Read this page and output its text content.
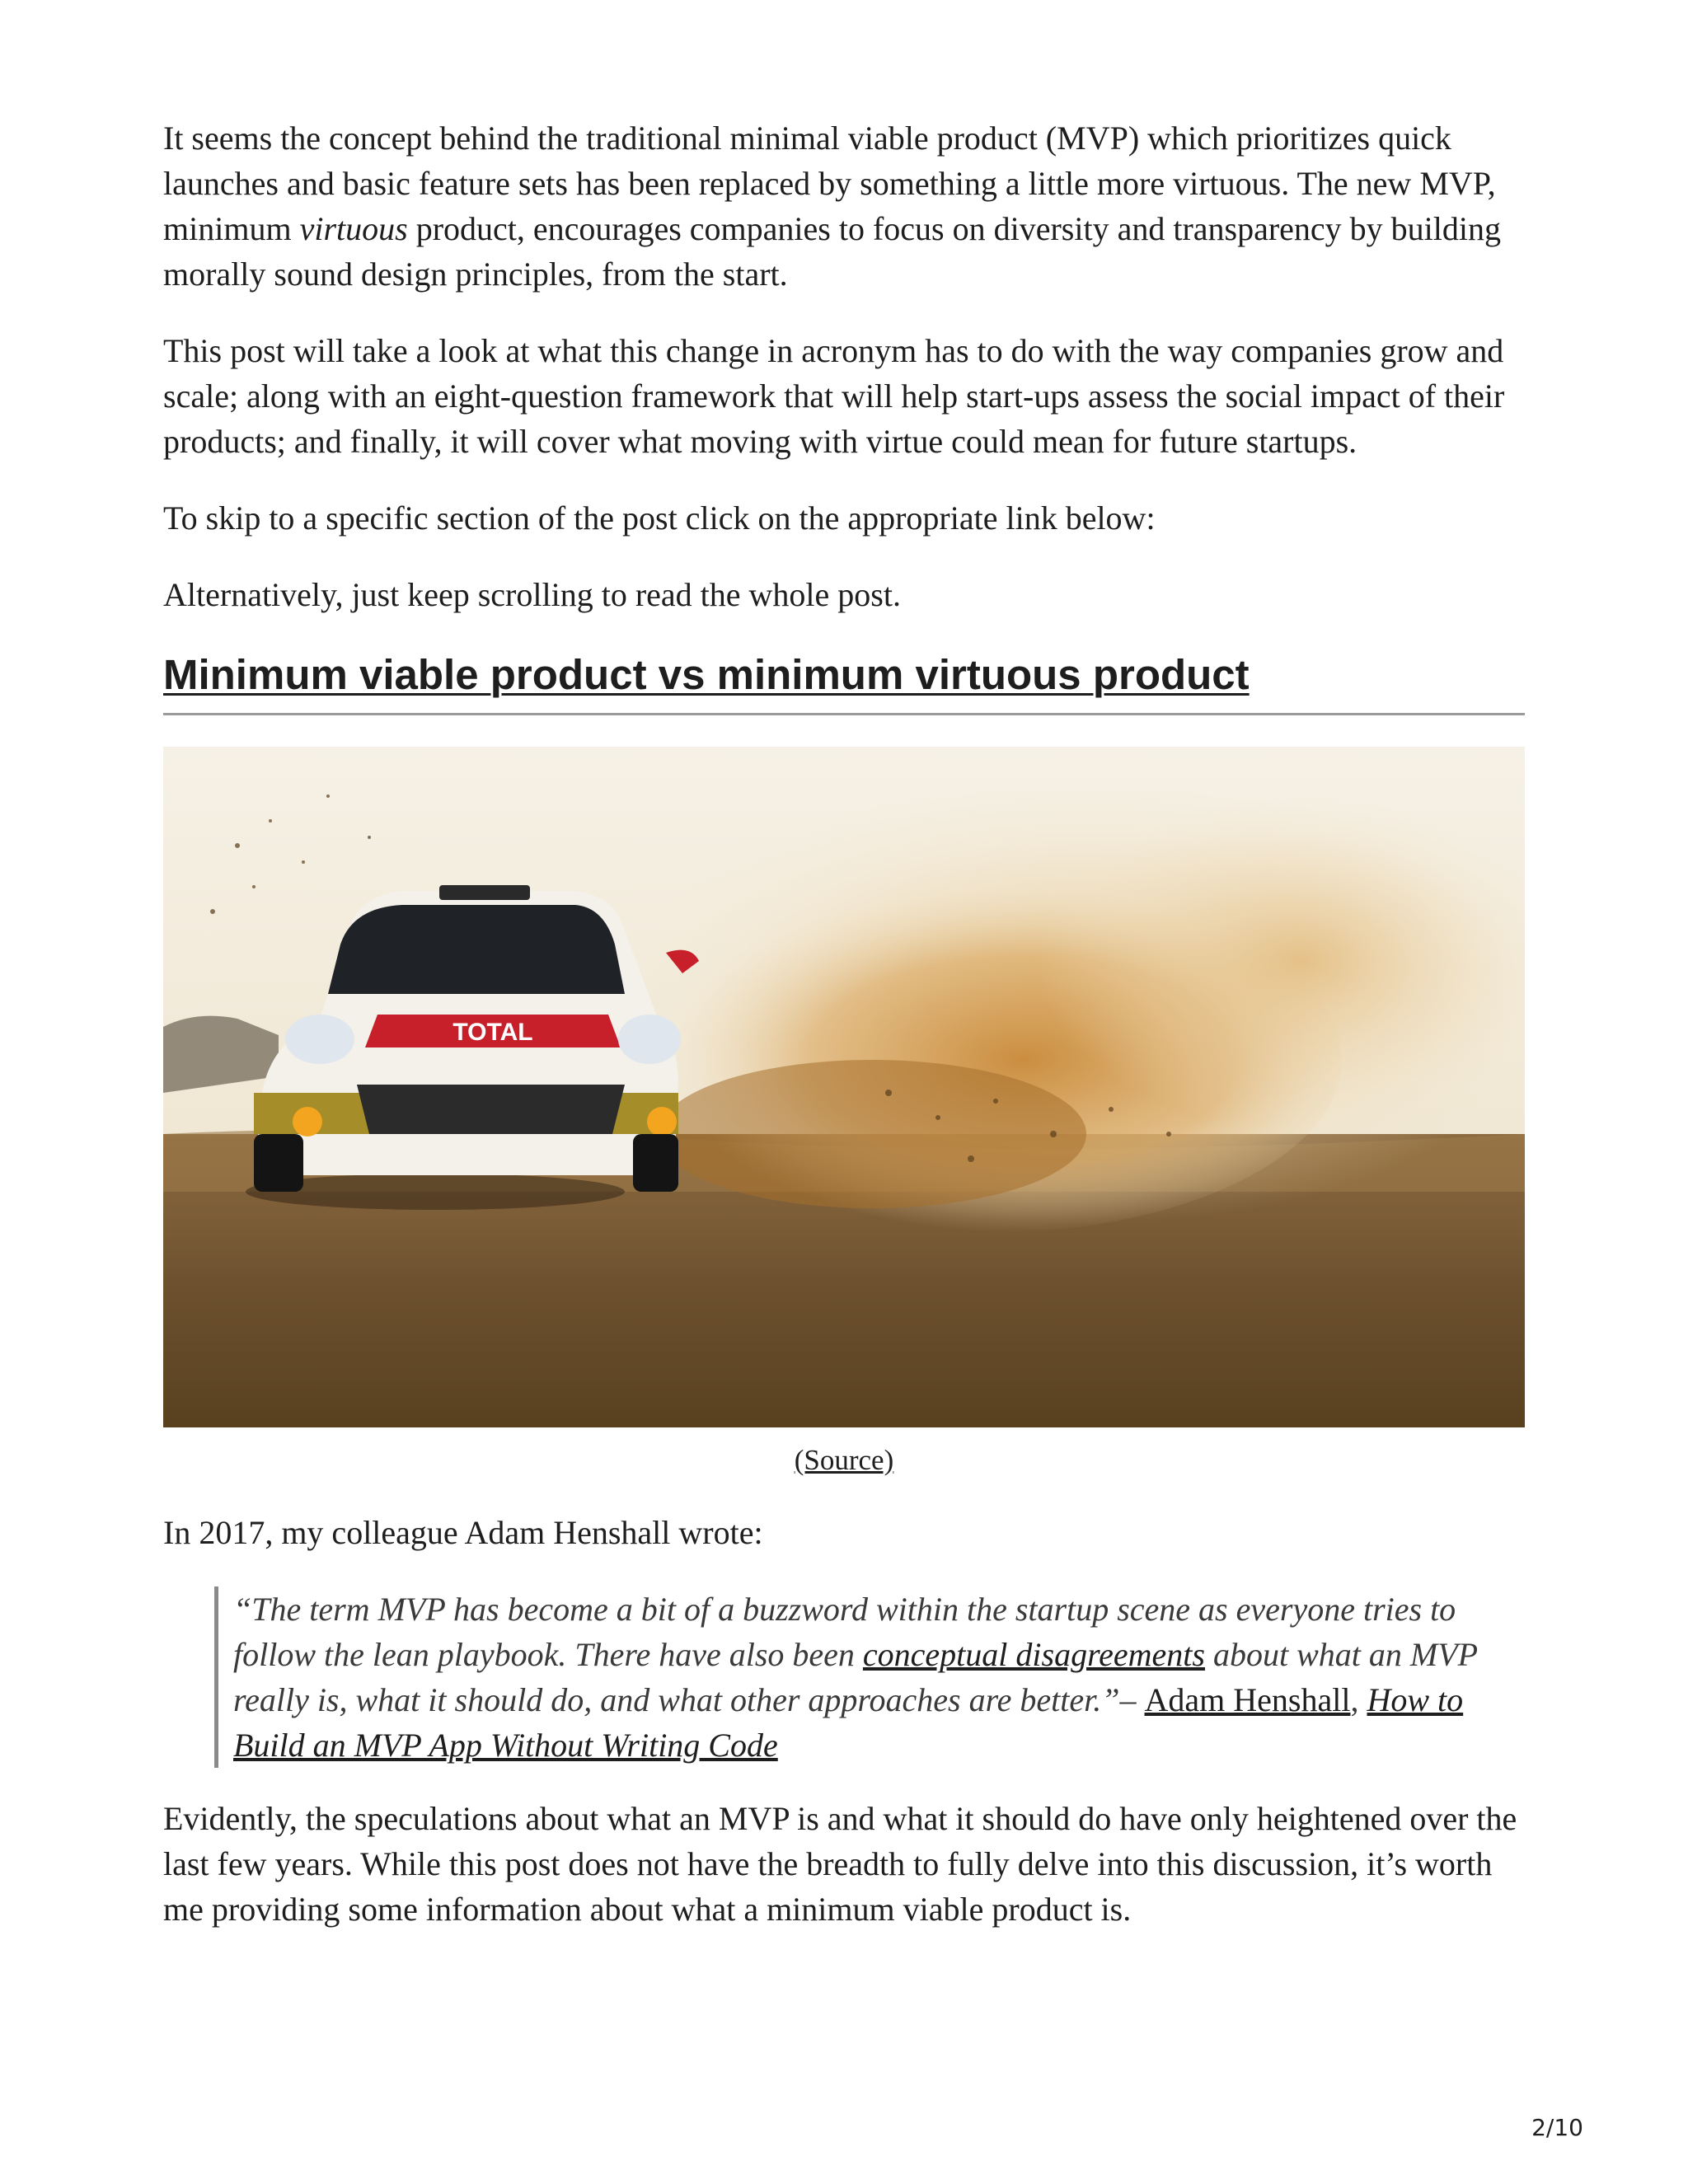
It seems the concept behind the traditional minimal viable product (MVP) which prioritizes quick launches and basic feature sets has been replaced by something a little more virtuous. The new MVP, minimum virtuous product, encourages companies to focus on diversity and transparency by building morally sound design principles, from the start.

This post will take a look at what this change in acronym has to do with the way companies grow and scale; along with an eight-question framework that will help start-ups assess the social impact of their products; and finally, it will cover what moving with virtue could mean for future startups.

To skip to a specific section of the post click on the appropriate link below:

Alternatively, just keep scrolling to read the whole post.

Minimum viable product vs minimum virtuous product
TOTAL
(Source)

In 2017, my colleague Adam Henshall wrote:

“The term MVP has become a bit of a buzzword within the startup scene as everyone tries to follow the lean playbook. There have also been conceptual disagreements about what an MVP really is, what it should do, and what other approaches are better.”– Adam Henshall, How to Build an MVP App Without Writing Code

Evidently, the speculations about what an MVP is and what it should do have only heightened over the last few years. While this post does not have the breadth to fully delve into this discussion, it’s worth me providing some information about what a minimum viable product is.

2/10
